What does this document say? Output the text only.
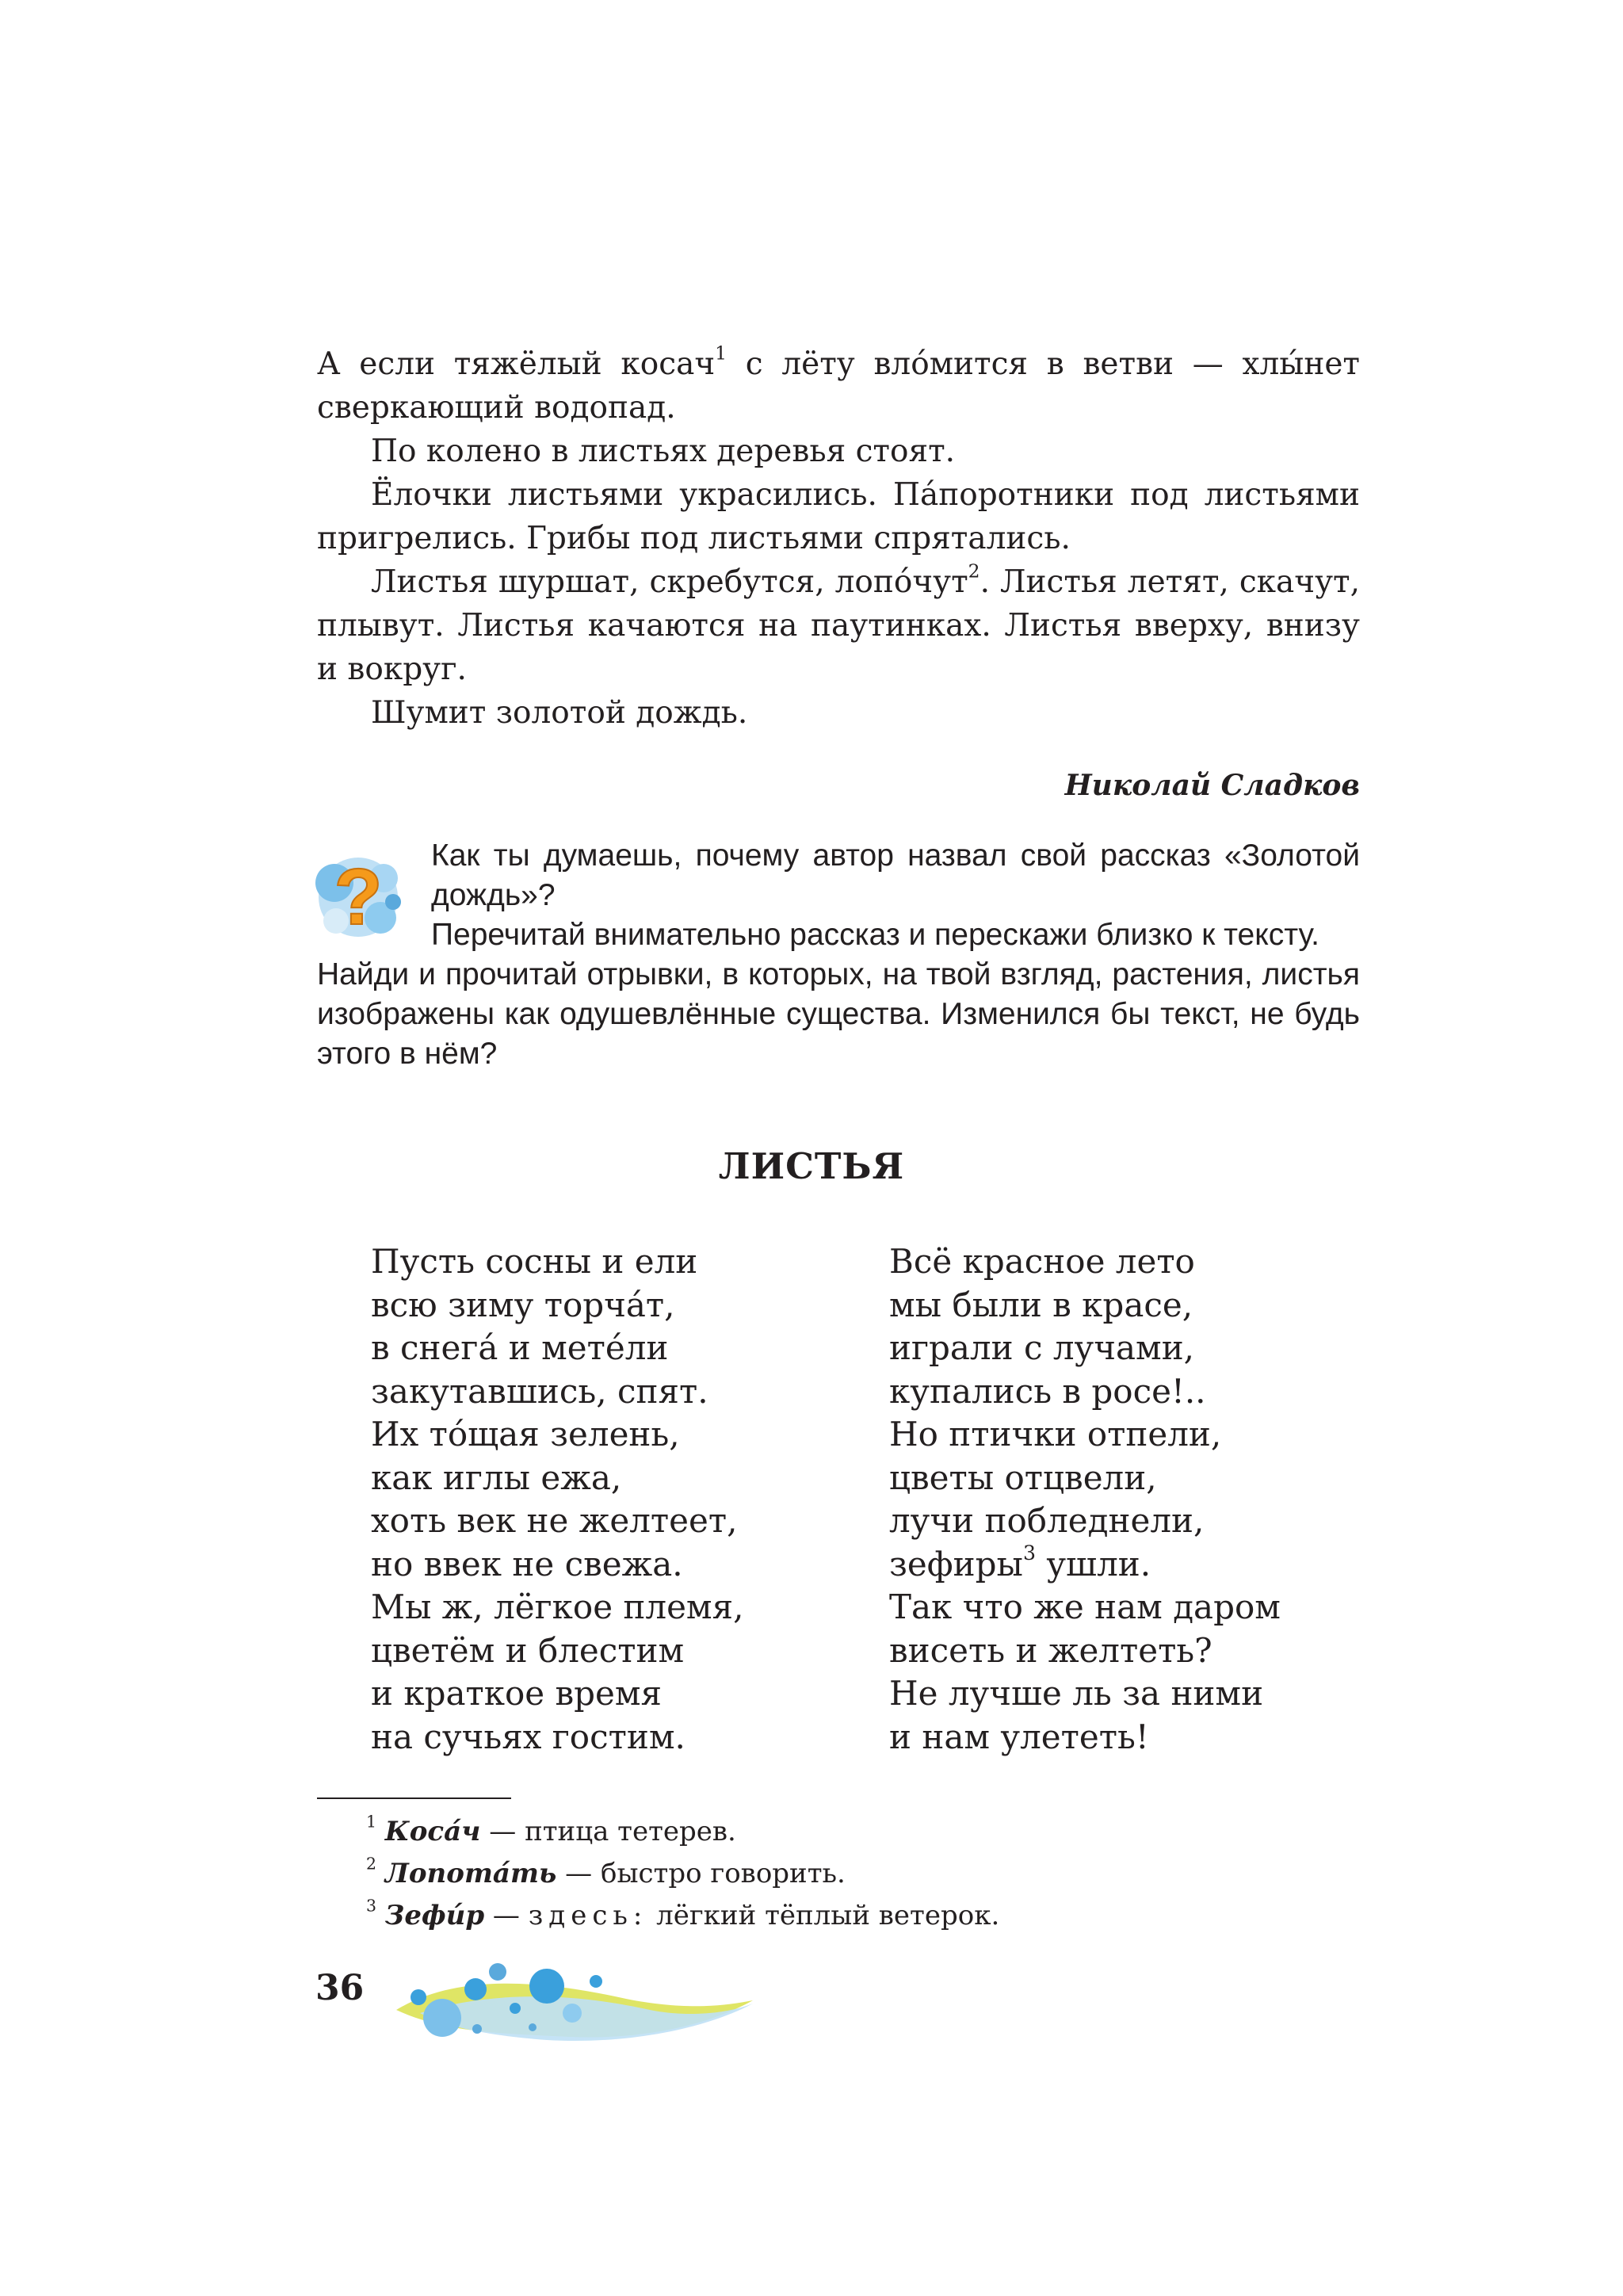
А если тяжёлый косач$^1$ с лёту вло́мится в ветви — хлы́нет сверкающий водопад.

По колено в листьях деревья стоят.

Ёлочки листьями украсились. Па́поротники под листьями пригрелись. Грибы под листьями спрятались.

Листья шуршат, скребутся, лопо́чут$^2$. Листья летят, скачут, плывут. Листья качаются на паутинках. Листья вверху, внизу и вокруг.

Шумит золотой дождь.

Николай Сладков
?	Как ты думаешь, почему автор назвал свой рассказ «Золотой дождь»?

Перечитай внимательно рассказ и перескажи близко к тексту.

Найди и прочитай отрывки, в которых, на твой взгляд, растения, листья изображены как одушевлённые существа. Изменился бы текст, не будь этого в нём?

ЛИСТЬЯ
Пусть сосны и ели
всю зиму торча́т,
в снега́ и мете́ли
закутавшись, спят.
Их то́щая зелень,
как иглы ежа,
хоть век не желтеет,
но ввек не свежа.
Мы ж, лёгкое племя,
цветём и блестим
и краткое время
на сучьях гостим.
Всё красное лето
мы были в красе,
играли с лучами,
купались в росе!..
Но птички отпели,
цветы отцвели,
лучи побледнели,
зефиры$^3$ ушли.
Так что же нам даром
висеть и желтеть?
Не лучше ль за ними
и нам улететь!
$^1$ Коса́ч — птица тетерев.
$^2$ Лопота́ть — быстро говорить.
$^3$ Зефи́р — здесь: лёгкий тёплый ветерок.
36
